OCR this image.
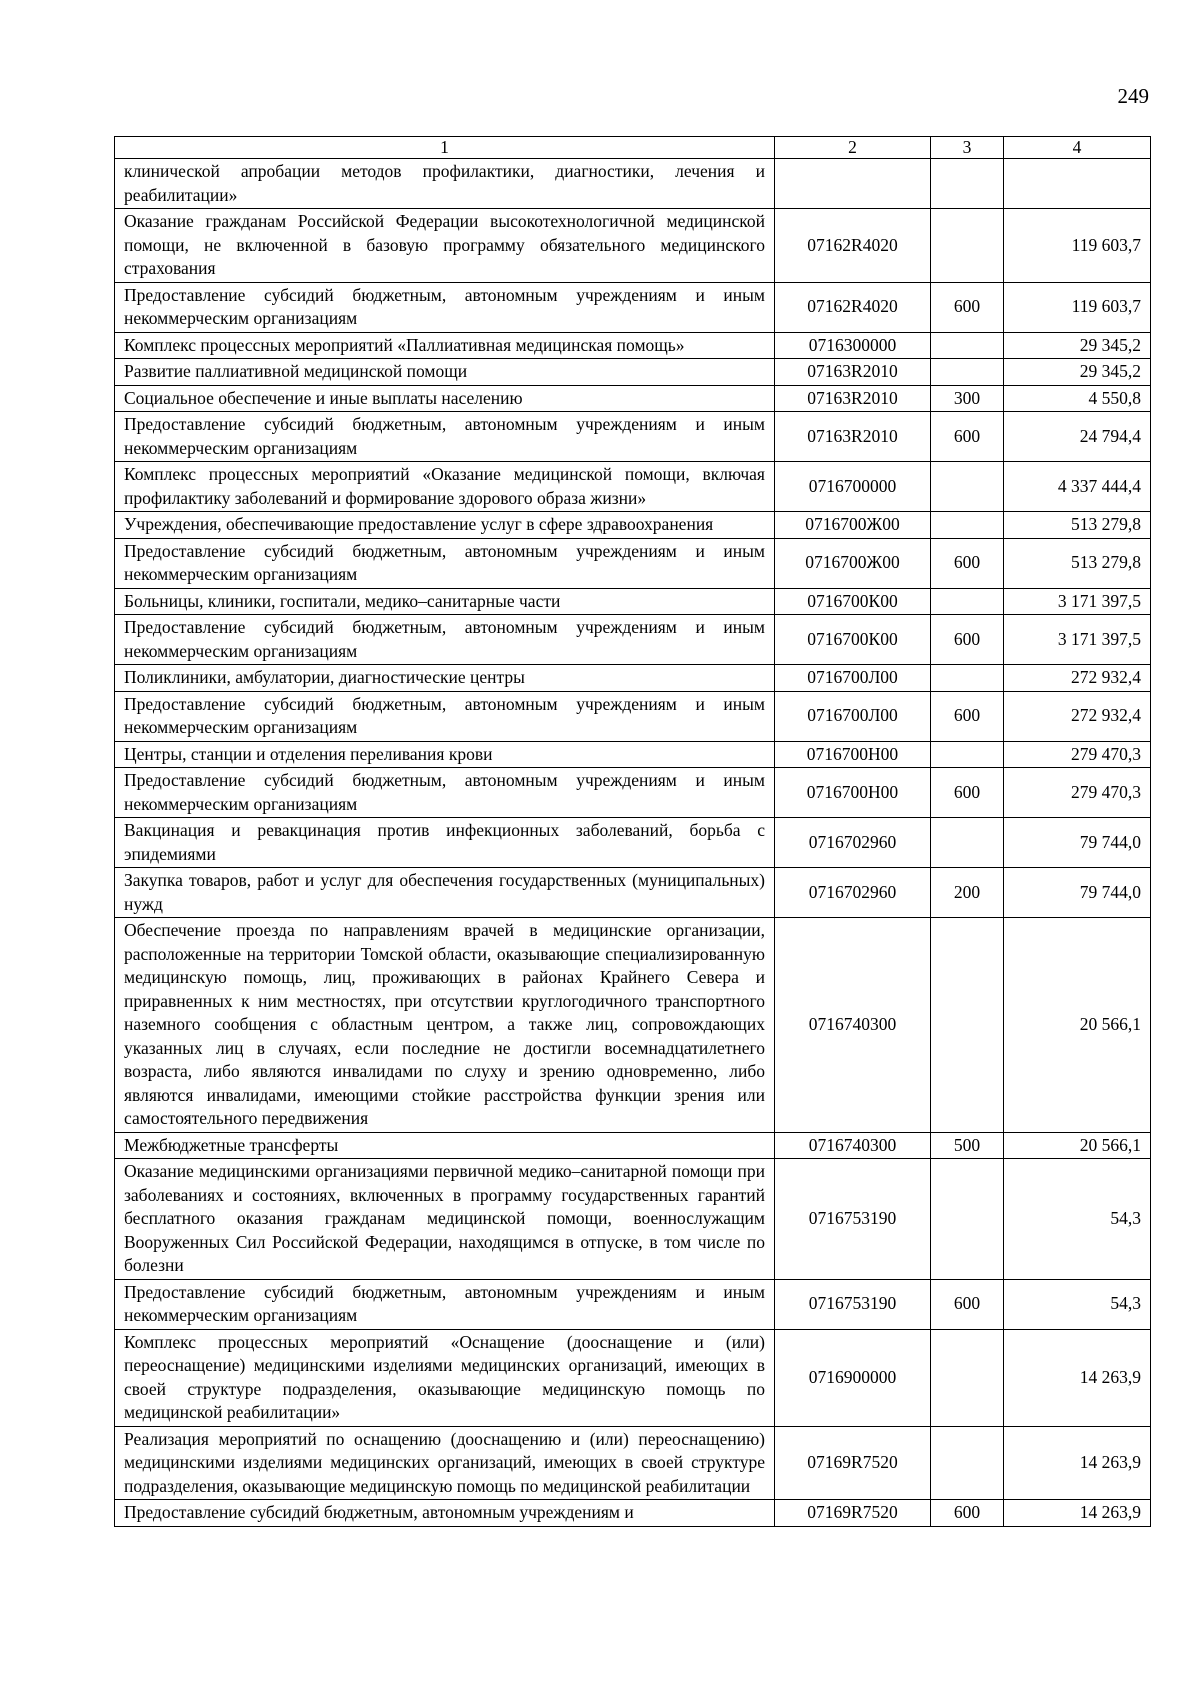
249
1	2	3	4
клинической апробации методов профилактики, диагностики, лечения и реабилитации»			
Оказание гражданам Российской Федерации высокотехнологичной медицинской помощи, не включенной в базовую программу обязательного медицинского страхования	07162R4020		119 603,7
Предоставление субсидий бюджетным, автономным учреждениям и иным некоммерческим организациям	07162R4020	600	119 603,7
Комплекс процессных мероприятий «Паллиативная медицинская помощь»	0716300000		29 345,2
Развитие паллиативной медицинской помощи	07163R2010		29 345,2
Социальное обеспечение и иные выплаты населению	07163R2010	300	4 550,8
Предоставление субсидий бюджетным, автономным учреждениям и иным некоммерческим организациям	07163R2010	600	24 794,4
Комплекс процессных мероприятий «Оказание медицинской помощи, включая профилактику заболеваний и формирование здорового образа жизни»	0716700000		4 337 444,4
Учреждения, обеспечивающие предоставление услуг в сфере здравоохранения	0716700Ж00		513 279,8
Предоставление субсидий бюджетным, автономным учреждениям и иным некоммерческим организациям	0716700Ж00	600	513 279,8
Больницы, клиники, госпитали, медико–санитарные части	0716700К00		3 171 397,5
Предоставление субсидий бюджетным, автономным учреждениям и иным некоммерческим организациям	0716700К00	600	3 171 397,5
Поликлиники, амбулатории, диагностические центры	0716700Л00		272 932,4
Предоставление субсидий бюджетным, автономным учреждениям и иным некоммерческим организациям	0716700Л00	600	272 932,4
Центры, станции и отделения переливания крови	0716700Н00		279 470,3
Предоставление субсидий бюджетным, автономным учреждениям и иным некоммерческим организациям	0716700Н00	600	279 470,3
Вакцинация и ревакцинация против инфекционных заболеваний, борьба с эпидемиями	0716702960		79 744,0
Закупка товаров, работ и услуг для обеспечения государственных (муниципальных) нужд	0716702960	200	79 744,0
Обеспечение проезда по направлениям врачей в медицинские организации, расположенные на территории Томской области, оказывающие специализированную медицинскую помощь, лиц, проживающих в районах Крайнего Севера и приравненных к ним местностях, при отсутствии круглогодичного транспортного наземного сообщения с областным центром, а также лиц, сопровождающих указанных лиц в случаях, если последние не достигли восемнадцатилетнего возраста, либо являются инвалидами по слуху и зрению одновременно, либо являются инвалидами, имеющими стойкие расстройства функции зрения или самостоятельного передвижения	0716740300		20 566,1
Межбюджетные трансферты	0716740300	500	20 566,1
Оказание медицинскими организациями первичной медико–санитарной помощи при заболеваниях и состояниях, включенных в программу государственных гарантий бесплатного оказания гражданам медицинской помощи, военнослужащим Вооруженных Сил Российской Федерации, находящимся в отпуске, в том числе по болезни	0716753190		54,3
Предоставление субсидий бюджетным, автономным учреждениям и иным некоммерческим организациям	0716753190	600	54,3
Комплекс процессных мероприятий «Оснащение (дооснащение и (или) переоснащение) медицинскими изделиями медицинских организаций, имеющих в своей структуре подразделения, оказывающие медицинскую помощь по медицинской реабилитации»	0716900000		14 263,9
Реализация мероприятий по оснащению (дооснащению и (или) переоснащению) медицинскими изделиями медицинских организаций, имеющих в своей структуре подразделения, оказывающие медицинскую помощь по медицинской реабилитации	07169R7520		14 263,9
Предоставление субсидий бюджетным, автономным учреждениям и	07169R7520	600	14 263,9
